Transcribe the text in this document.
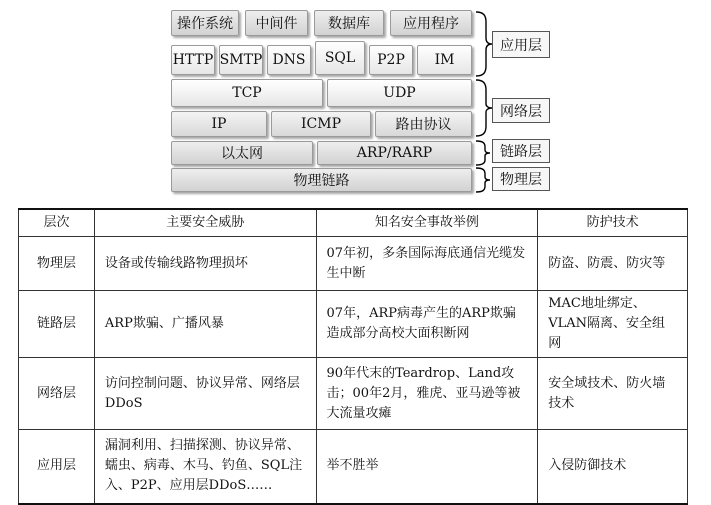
操作系统	中间件	数据库	应用程序
HTTP SMTP DNS	SQL	P2P	IM
TCP	UDP
IP	ICMP	路由协议
以太网	ARP/RARP
物理链路
应用层
网络层
链路层
物理层
层次	主要安全威胁	知名安全事故举例	防护技术
物理层	设备或传输线路物理损坏	07年初，多条国际海底通信光缆发生中断	防盗、防震、防灾等
链路层	ARP欺骗、广播风暴	07年，ARP病毒产生的ARP欺骗造成部分高校大面积断网	MAC地址绑定、VLAN隔离、安全组网
网络层	访问控制问题、协议异常、网络层DDoS	90年代末的Teardrop、Land攻击；00年2月，雅虎、亚马逊等被大流量攻瘫	安全域技术、防火墙技术
应用层	漏洞利用、扫描探测、协议异常、蠕虫、病毒、木马、钓鱼、SQL注入、P2P、应用层DDoS……	举不胜举	入侵防御技术
